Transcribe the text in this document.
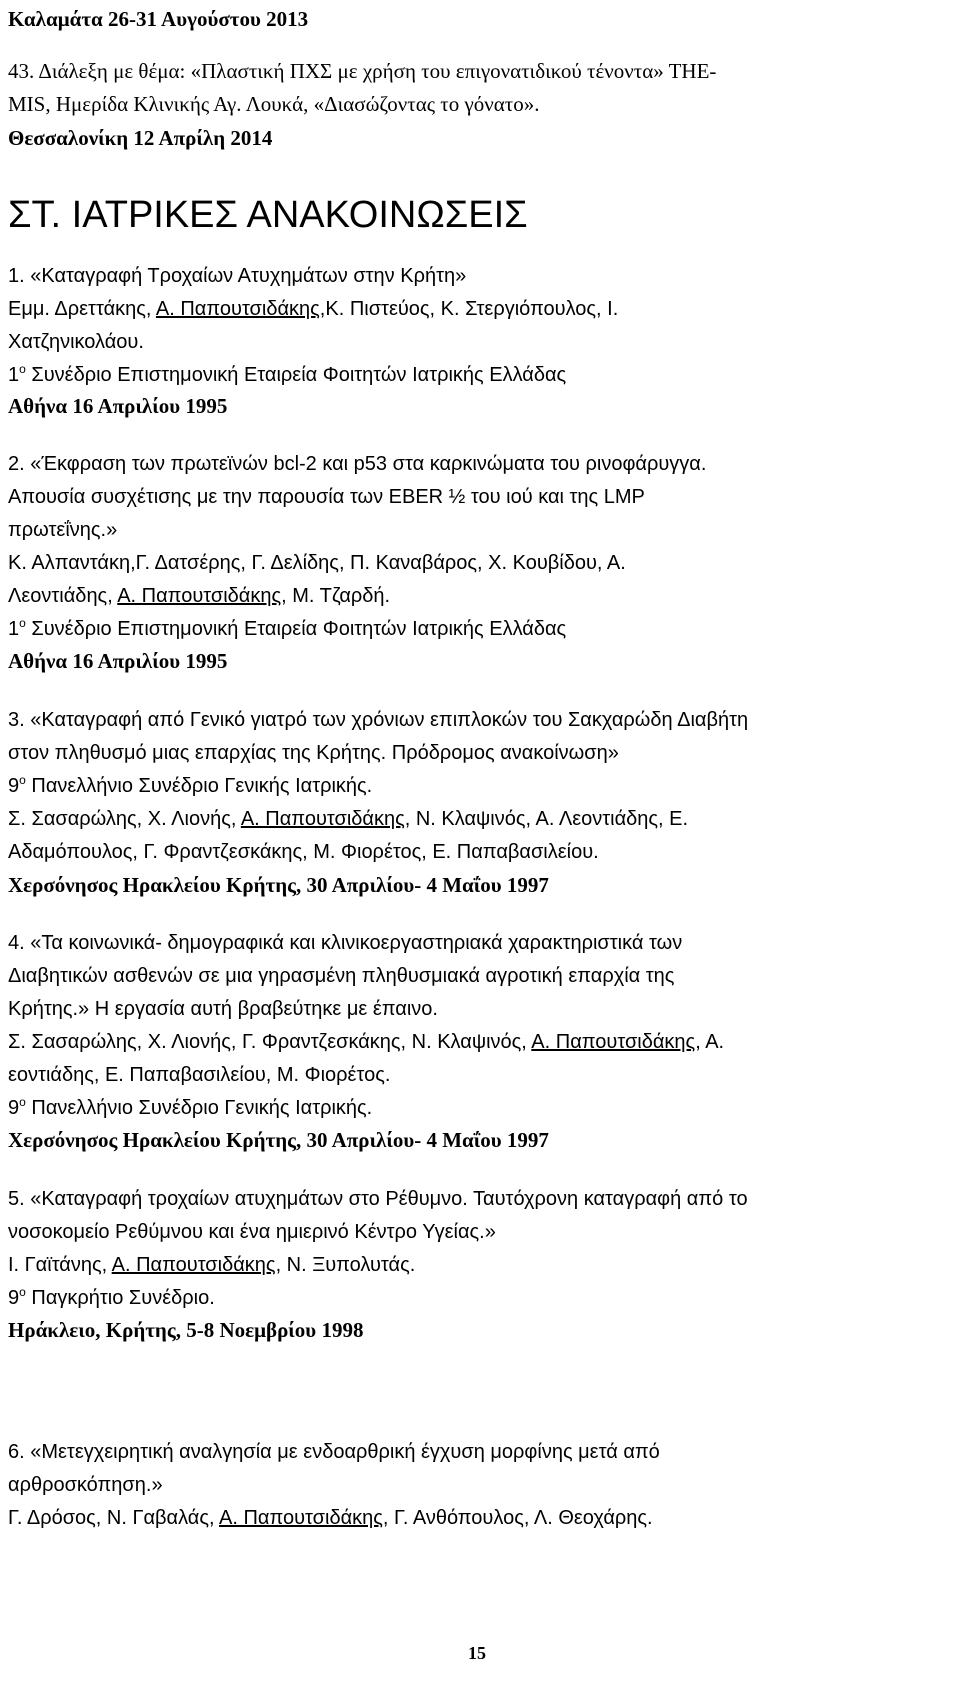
Καλαμάτα 26-31 Αυγούστου 2013
43. Διάλεξη με θέμα: «Πλαστική ΠΧΣ με χρήση του επιγονατιδικού τένοντα» ΤΗΕ-
MIS, Ημερίδα Κλινικής Αγ. Λουκά, «Διασώζοντας το γόνατο».
Θεσσαλονίκη 12 Απρίλη 2014
ΣΤ. ΙΑΤΡΙΚΕΣ ΑΝΑΚΟΙΝΩΣΕΙΣ
1. «Καταγραφή Τροχαίων Ατυχημάτων στην Κρήτη»
Εμμ. Δρεττάκης, Α. Παπουτσιδάκης,Κ. Πιστεύος, Κ. Στεργιόπουλος, Ι.
Χατζηνικολάου.
$1^o$ Συνέδριο Επιστημονική Εταιρεία Φοιτητών Ιατρικής Ελλάδας
Αθήνα 16 Απριλίου 1995
2. «Έκφραση των πρωτεϊνών bcl-2 και p53 στα καρκινώματα του ρινοφάρυγγα.
Απουσία συσχέτισης με την παρουσία των EBER ½ του ιού και της LMP
πρωτεΐνης.»
Κ. Αλπαντάκη,Γ. Δατσέρης, Γ. Δελίδης, Π. Καναβάρος, Χ. Κουβίδου, Α.
Λεοντιάδης, Α. Παπουτσιδάκης, Μ. Τζαρδή.
$1^o$ Συνέδριο Επιστημονική Εταιρεία Φοιτητών Ιατρικής Ελλάδας
Αθήνα 16 Απριλίου 1995
3. «Καταγραφή από Γενικό γιατρό των χρόνιων επιπλοκών του Σακχαρώδη Διαβήτη
στον πληθυσμό μιας επαρχίας της Κρήτης. Πρόδρομος ανακοίνωση»
$9^o$ Πανελλήνιο Συνέδριο Γενικής Ιατρικής.
Σ. Σασαρώλης, Χ. Λιονής, Α. Παπουτσιδάκης, Ν. Κλαψινός, Α. Λεοντιάδης, Ε.
Αδαμόπουλος, Γ. Φραντζεσκάκης, Μ. Φιορέτος, Ε. Παπαβασιλείου.
Χερσόνησος Ηρακλείου Κρήτης, 30 Απριλίου- 4 Μαΐου 1997
4. «Τα κοινωνικά- δημογραφικά και κλινικοεργαστηριακά χαρακτηριστικά των
Διαβητικών ασθενών σε μια γηρασμένη πληθυσμιακά αγροτική επαρχία της
Κρήτης.» Η εργασία αυτή βραβεύτηκε με έπαινο.
Σ. Σασαρώλης, Χ. Λιονής, Γ. Φραντζεσκάκης, Ν. Κλαψινός, Α. Παπουτσιδάκης, Α.
εοντιάδης, Ε. Παπαβασιλείου, Μ. Φιορέτος.
$9^o$ Πανελλήνιο Συνέδριο Γενικής Ιατρικής.
Χερσόνησος Ηρακλείου Κρήτης, 30 Απριλίου- 4 Μαΐου 1997
5. «Καταγραφή τροχαίων ατυχημάτων στο Ρέθυμνο. Ταυτόχρονη καταγραφή από το
νοσοκομείο Ρεθύμνου και ένα ημιερινό Κέντρο Υγείας.»
Ι. Γαϊτάνης, Α. Παπουτσιδάκης, Ν. Ξυπολυτάς.
$9^o$ Παγκρήτιο Συνέδριο.
Ηράκλειο, Κρήτης, 5-8 Νοεμβρίου 1998
6. «Μετεγχειρητική αναλγησία με ενδοαρθρική έγχυση μορφίνης μετά από
αρθροσκόπηση.»
Γ. Δρόσος, Ν. Γαβαλάς, Α. Παπουτσιδάκης, Γ. Ανθόπουλος, Λ. Θεοχάρης.
15
